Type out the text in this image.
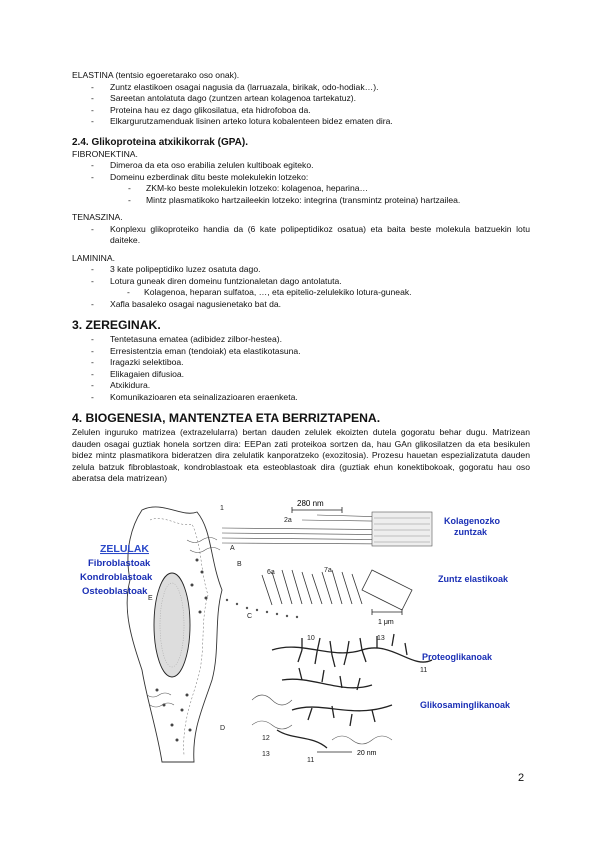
ELASTINA (tentsio egoeretarako oso onak).

- Zuntz elastikoen osagai nagusia da (larruazala, birikak, odo-hodiak…).
- Sareetan antolatuta dago (zuntzen artean kolagenoa tartekatuz).
- Proteina hau ez dago glikosilatua, eta hidrofoboa da.
- Elkargurutzamenduak lisinen arteko lotura kobalenteen bidez ematen dira.
2.4. Glikoproteina atxikikorrak (GPA).

FIBRONEKTINA.

- Dimeroa da eta oso erabilia zelulen kultiboak egiteko.
- Domeinu ezberdinak ditu beste molekulekin lotzeko:
- ZKM-ko beste molekulekin lotzeko: kolagenoa, heparina…
- Mintz plasmatikoko hartzaileekin lotzeko: integrina (transmintz proteina) hartzailea.

TENASZINA.

- Konplexu glikoproteiko handia da (6 kate polipeptidikoz osatua) eta baita beste molekula batzuekin lotu daiteke.

LAMININA.

- 3 kate polipeptidiko luzez osatuta dago.
- Lotura guneak diren domeinu funtzionaletan dago antolatuta.
- Kolagenoa, heparan sulfatoa, …, eta epitelio-zelulekiko lotura-guneak.
- Xafla basaleko osagai nagusienetako bat da.
3. ZEREGINAK.
- Tentetasuna ematea (adibidez zilbor-hestea).
- Erresistentzia eman (tendoiak) eta elastikotasuna.
- Iragazki selektiboa.
- Elikagaien difusioa.
- Atxikidura.
- Komunikazioaren eta seinalizazioaren eraenketa.
4. BIOGENESIA, MANTENZTEA ETA BERRIZTAPENA.

Zelulen inguruko matrizea (extrazelularra) bertan dauden zelulek ekoizten dutela gogoratu behar dugu. Matrizean dauden osagai guztiak honela sortzen dira: EEPan zati proteikoa sortzen da, hau GAn glikosilatzen da eta besikulen bidez mintz plasmatikora bideratzen dira zelulatik kanporatzeko (exozitosia). Prozesu hauetan espezializatuta dauden zelula batzuk fibroblastoak, kondroblastoak eta esteoblastoak dira (guztiak ehun konektibokoak, gogoratu hau oso aberatsa dela matrizean)

280 nm
1 μm
20 nm
1
2a
6a	7a
10
11
11
12
13
13
A
B
C
D
E
ZELULAK
Fibroblastoak
Kondroblastoak
Osteoblastoak
Kolagenozko zuntzak
Zuntz elastikoak
Proteoglikanoak
Glikosaminglikanoak
2
